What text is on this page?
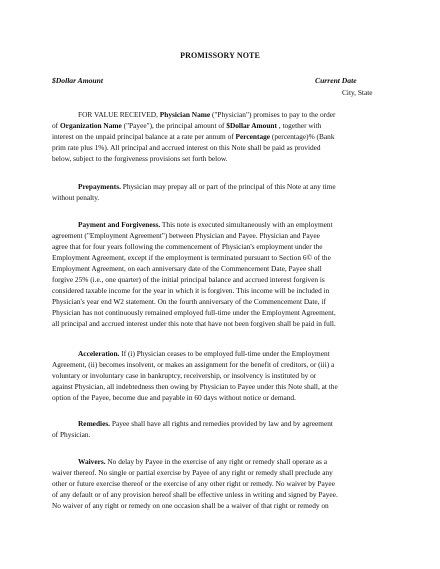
PROMISSORY NOTE
$Dollar Amount	Current Date
City, State
FOR VALUE RECEIVED, Physician Name ("Physician") promises to pay to the order
of Organization Name ("Payee"), the principal amount of $Dollar Amount , together with
interest on the unpaid principal balance at a rate per annum of Percentage (percentage)% (Bank
prim rate plus 1%). All principal and accrued interest on this Note shall be paid as provided
below, subject to the forgiveness provisions set forth below.
Prepayments. Physician may prepay all or part of the principal of this Note at any time
without penalty.
Payment and Forgiveness. This note is executed simultaneously with an employment
agreement ("Employment Agreement") between Physician and Payee. Physician and Payee
agree that for four years following the commencement of Physician's employment under the
Employment Agreement, except if the employment is terminated pursuant to Section 6© of the
Employment Agreement, on each anniversary date of the Commencement Date, Payee shall
forgive 25% (i.e., one quarter) of the initial principal balance and accrued interest forgiven is
considered taxable income for the year in which it is forgiven. This income will be included in
Physician's year end W2 statement. On the fourth anniversary of the Commencement Date, if
Physician has not continuously remained employed full-time under the Employment Agreement,
all principal and accrued interest under this note that have not been forgiven shall be paid in full.
Acceleration. If (i) Physician ceases to be employed full-time under the Employment
Agreement, (ii) becomes insolvent, or makes an assignment for the benefit of creditors, or (iii) a
voluntary or involuntary case in bankruptcy, receivership, or insolvency is instituted by or
against Physician, all indebtedness then owing by Physician to Payee under this Note shall, at the
option of the Payee, become due and payable in 60 days without notice or demand.
Remedies. Payee shall have all rights and remedies provided by law and by agreement
of Physician.
Waivers. No delay by Payee in the exercise of any right or remedy shall operate as a
waiver thereof. No single or partial exercise by Payee of any right or remedy shall preclude any
other or future exercise thereof or the exercise of any other right or remedy. No waiver by Payee
of any default or of any provision hereof shall be effective unless in writing and signed by Payee.
No waiver of any right or remedy on one occasion shall be a waiver of that right or remedy on
